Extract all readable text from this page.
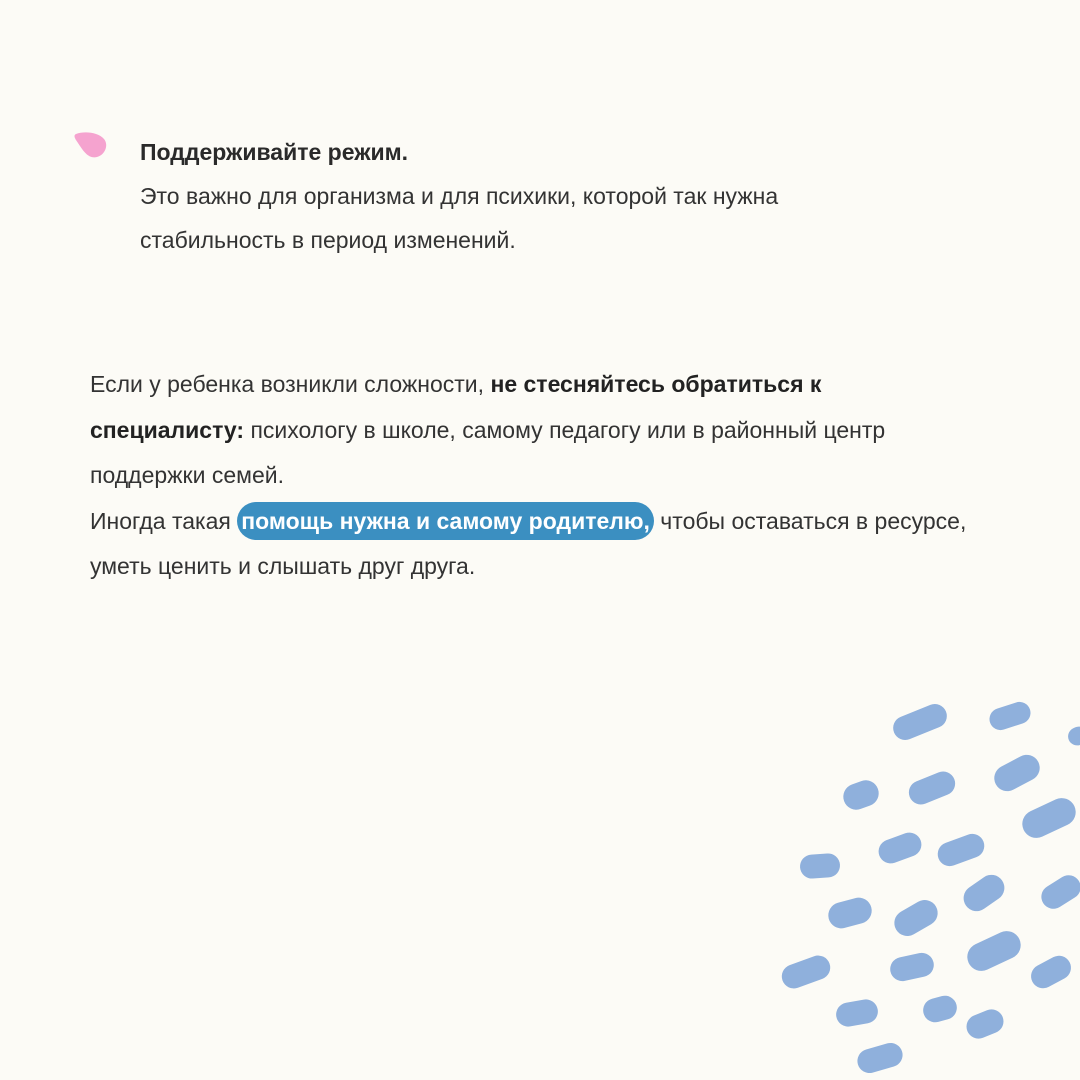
Поддерживайте режим.
Это важно для организма и для психики, которой так нужна стабильность в период изменений.

Если у ребенка возникли сложности, не стесняйтесь обратиться к специалисту: психологу в школе, самому педагогу или в районный центр поддержки семей.

Иногда такая помощь нужна и самому родителю, чтобы оставаться в ресурсе, уметь ценить и слышать друг друга.
